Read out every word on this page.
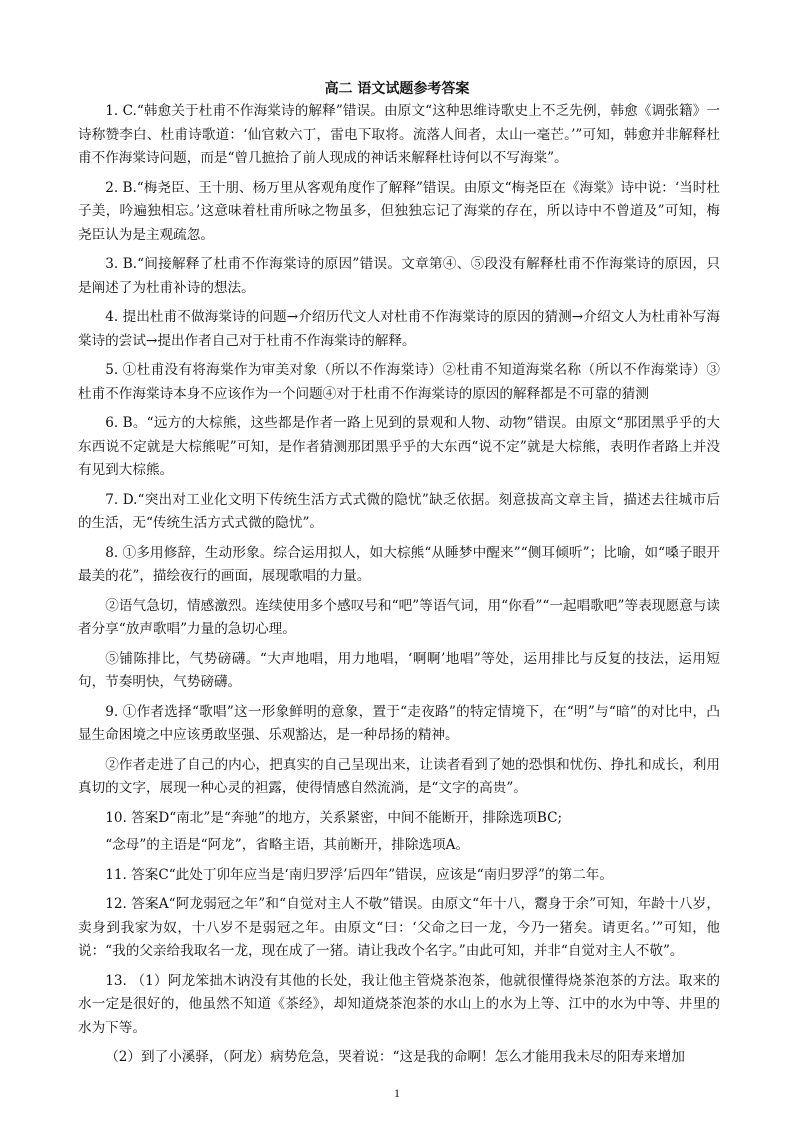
高二 语文试题参考答案

1. C.“韩愈关于杜甫不作海棠诗的解释”错误。由原文“这种思维诗歌史上不乏先例，韩愈《调张籍》一诗称赞李白、杜甫诗歌道：‘仙官敕六丁，雷电下取将。流落人间者，太山一毫芒。’”可知，韩愈并非解释杜甫不作海棠诗问题，而是“曾几摭拾了前人现成的神话来解释杜诗何以不写海棠”。

2. B.“梅尧臣、王十朋、杨万里从客观角度作了解释”错误。由原文“梅尧臣在《海棠》诗中说：‘当时杜子美，吟遍独相忘。’这意味着杜甫所咏之物虽多，但独独忘记了海棠的存在，所以诗中不曾道及”可知，梅尧臣认为是主观疏忽。

3. B.“间接解释了杜甫不作海棠诗的原因”错误。文章第④、⑤段没有解释杜甫不作海棠诗的原因，只是阐述了为杜甫补诗的想法。

4. 提出杜甫不做海棠诗的问题→介绍历代文人对杜甫不作海棠诗的原因的猜测→介绍文人为杜甫补写海棠诗的尝试→提出作者自己对于杜甫不作海棠诗的解释。

5. ①杜甫没有将海棠作为审美对象（所以不作海棠诗）②杜甫不知道海棠名称（所以不作海棠诗）③杜甫不作海棠诗本身不应该作为一个问题④对于杜甫不作海棠诗的原因的解释都是不可靠的猜测

6. B。“远方的大棕熊，这些都是作者一路上见到的景观和人物、动物”错误。由原文“那团黑乎乎的大东西说不定就是大棕熊呢”可知，是作者猜测那团黑乎乎的大东西“说不定”就是大棕熊，表明作者路上并没有见到大棕熊。

7. D.“突出对工业化文明下传统生活方式式微的隐忧”缺乏依据。刻意拔高文章主旨，描述去往城市后的生活，无“传统生活方式式微的隐忧”。

8. ①多用修辞，生动形象。综合运用拟人，如大棕熊“从睡梦中醒来”“侧耳倾听”；比喻，如“嗓子眼开最美的花”，描绘夜行的画面，展现歌唱的力量。

②语气急切，情感激烈。连续使用多个感叹号和“吧”等语气词，用“你看”“一起唱歌吧”等表现愿意与读者分享“放声歌唱”力量的急切心理。

⑤铺陈排比，气势磅礴。“大声地唱，用力地唱，‘啊啊’地唱”等处，运用排比与反复的技法，运用短句，节奏明快，气势磅礴。

9. ①作者选择“歌唱”这一形象鲜明的意象，置于“走夜路”的特定情境下，在“明”与“暗”的对比中，凸显生命困境之中应该勇敢坚强、乐观豁达，是一种昂扬的精神。

②作者走进了自己的内心，把真实的自己呈现出来，让读者看到了她的恐惧和忧伤、挣扎和成长，利用真切的文字，展现一种心灵的袒露，使得情感自然流淌，是“文字的高贵”。

10. 答案D“南北”是“奔驰”的地方，关系紧密，中间不能断开，排除选项BC;

“念母”的主语是“阿龙”，省略主语，其前断开，排除选项A。

11. 答案C“此处丁卯年应当是‘南归罗浮’后四年”错误，应该是“南归罗浮”的第二年。

12. 答案A“阿龙弱冠之年”和“自觉对主人不敬”错误。由原文“年十八，鬻身于余”可知，年龄十八岁，卖身到我家为奴，十八岁不是弱冠之年。由原文“曰：‘父命之曰一龙，今乃一猪矣。请更名。’”可知，他说：“我的父亲给我取名一龙，现在成了一猪。请让我改个名字。”由此可知，并非“自觉对主人不敬”。

13. （1）阿龙笨拙木讷没有其他的长处，我让他主管烧茶泡茶，他就很懂得烧茶泡茶的方法。取来的水一定是很好的，他虽然不知道《茶经》，却知道烧茶泡茶的水山上的水为上等、江中的水为中等、井里的水为下等。

（2）到了小溪驿，（阿龙）病势危急，哭着说：“这是我的命啊！怎么才能用我未尽的阳寿来增加

1
